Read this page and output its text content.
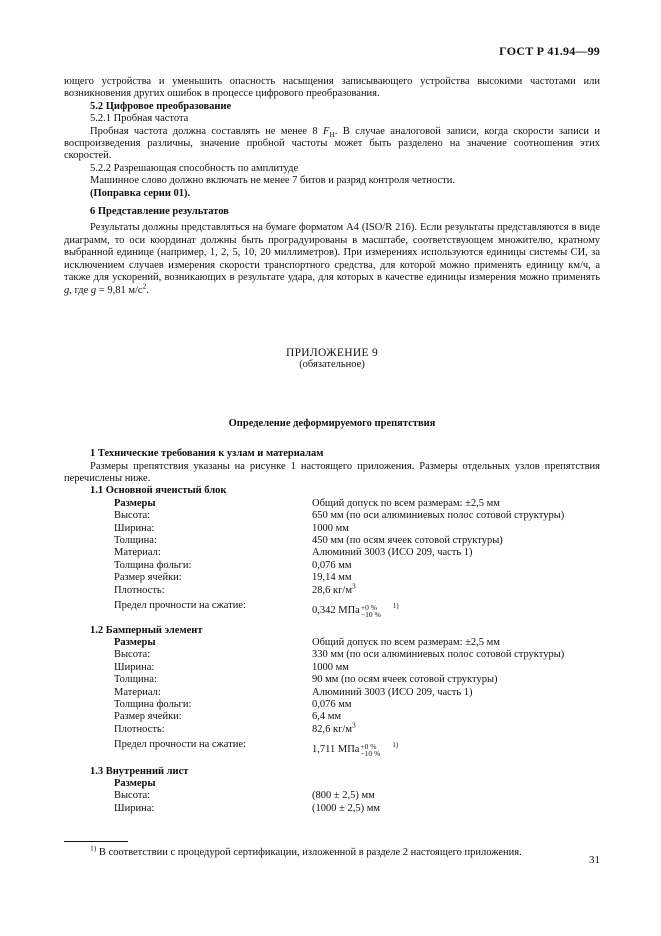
ГОСТ Р 41.94—99

ющего устройства и уменьшить опасность насыщения записывающего устройства высокими частотами или возникновения других ошибок в процессе цифрового преобразования.

5.2 Цифровое преобразование

5.2.1 Пробная частота

Пробная частота должна составлять не менее 8 $F_H$. В случае аналоговой записи, когда скорости записи и воспроизведения различны, значение пробной частоты может быть разделено на значение соотношения этих скоростей.

5.2.2 Разрешающая способность по амплитуде

Машинное слово должно включать не менее 7 битов и разряд контроля четности.

(Поправка серии 01).

6 Представление результатов

Результаты должны представляться на бумаге форматом А4 (ISO/R 216). Если результаты представляются в виде диаграмм, то оси координат должны быть проградуированы в масштабе, соответствующем множителю, кратному выбранной единице (например, 1, 2, 5, 10, 20 миллиметров). При измерениях используются единицы системы СИ, за исключением случаев измерения скорости транспортного средства, для которой можно применять единицу км/ч, а также для ускорений, возникающих в результате удара, для которых в качестве единицы измерения можно применять g, где g = 9,81 $м/с^2$.

ПРИЛОЖЕНИЕ 9
(обязательное)
Определение деформируемого препятствия

1 Технические требования к узлам и материалам

Размеры препятствия указаны на рисунке 1 настоящего приложения. Размеры отдельных узлов препятствия перечислены ниже.

1.1 Основной ячеистый блок

Размеры	Общий допуск по всем размерам: ±2,5 мм
Высота:	650 мм (по оси алюминиевых полос сотовой структуры)
Ширина:	1000 мм
Толщина:	450 мм (по осям ячеек сотовой структуры)
Материал:	Алюминий 3003 (ИСО 209, часть 1)
Толщина фольги:	0,076 мм
Размер ячейки:	19,14 мм
Плотность:	28,6 $кг/м^3$
Предел прочности на сжатие:	0,342 МПа +0 %
−10 %
$^{1)}$

1.2 Бамперный элемент

Размеры	Общий допуск по всем размерам: ±2,5 мм
Высота:	330 мм (по оси алюминиевых полос сотовой структуры)
Ширина:	1000 мм
Толщина:	90 мм (по осям ячеек сотовой структуры)
Материал:	Алюминий 3003 (ИСО 209, часть 1)
Толщина фольги:	0,076 мм
Размер ячейки:	6,4 мм
Плотность:	82,6 $кг/м^3$
Предел прочности на сжатие:	1,711 МПа +0 %
−10 %
$^{1)}$

1.3 Внутренний лист

Размеры
Высота:	(800 ± 2,5) мм
Ширина:	(1000 ± 2,5) мм

$^{1)}$ В соответствии с процедурой сертификации, изложенной в разделе 2 настоящего приложения.

31
